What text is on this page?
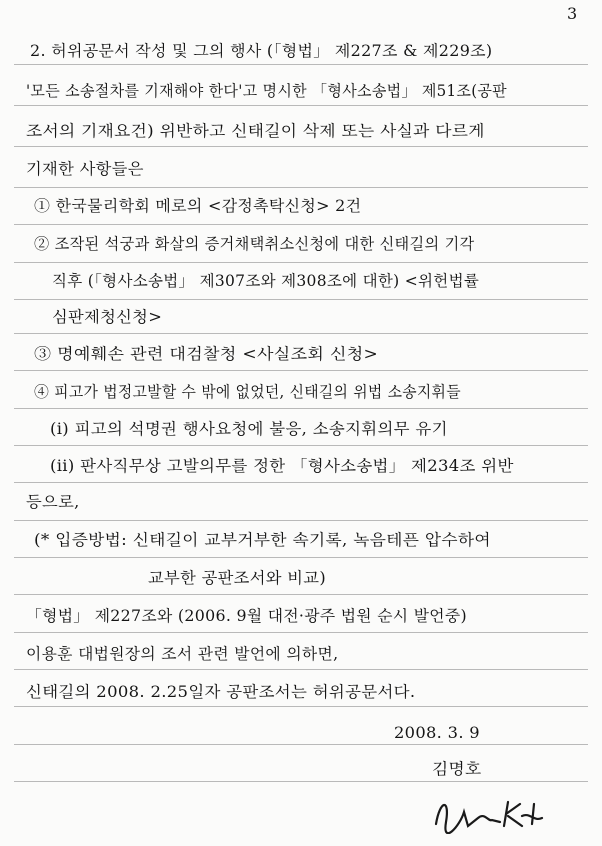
3
2. 허위공문서 작성 및 그의 행사 (「형법」 제227조 & 제229조)
'모든 소송절차를 기재해야 한다'고 명시한 「형사소송법」 제51조(공판
조서의 기재요건) 위반하고 신태길이 삭제 또는 사실과 다르게
기재한 사항들은
① 한국물리학회 메로의 <감정촉탁신청> 2건
② 조작된 석궁과 화살의 증거채택취소신청에 대한 신태길의 기각
직후 (「형사소송법」 제307조와 제308조에 대한) <위헌법률
심판제청신청>
③ 명예훼손 관련 대검찰청 <사실조회 신청>
④ 피고가 법정고발할 수 밖에 없었던, 신태길의 위법 소송지휘들
(i) 피고의 석명권 행사요청에 불응, 소송지휘의무 유기
(ii) 판사직무상 고발의무를 정한 「형사소송법」 제234조 위반
등으로,
(* 입증방법: 신태길이 교부거부한 속기록, 녹음테픈 압수하여
교부한 공판조서와 비교)
「형법」 제227조와 (2006. 9월 대전·광주 법원 순시 발언중)
이용훈 대법원장의 조서 관련 발언에 의하면,
신태길의 2008. 2.25일자 공판조서는 허위공문서다.
2008. 3. 9
김명호
